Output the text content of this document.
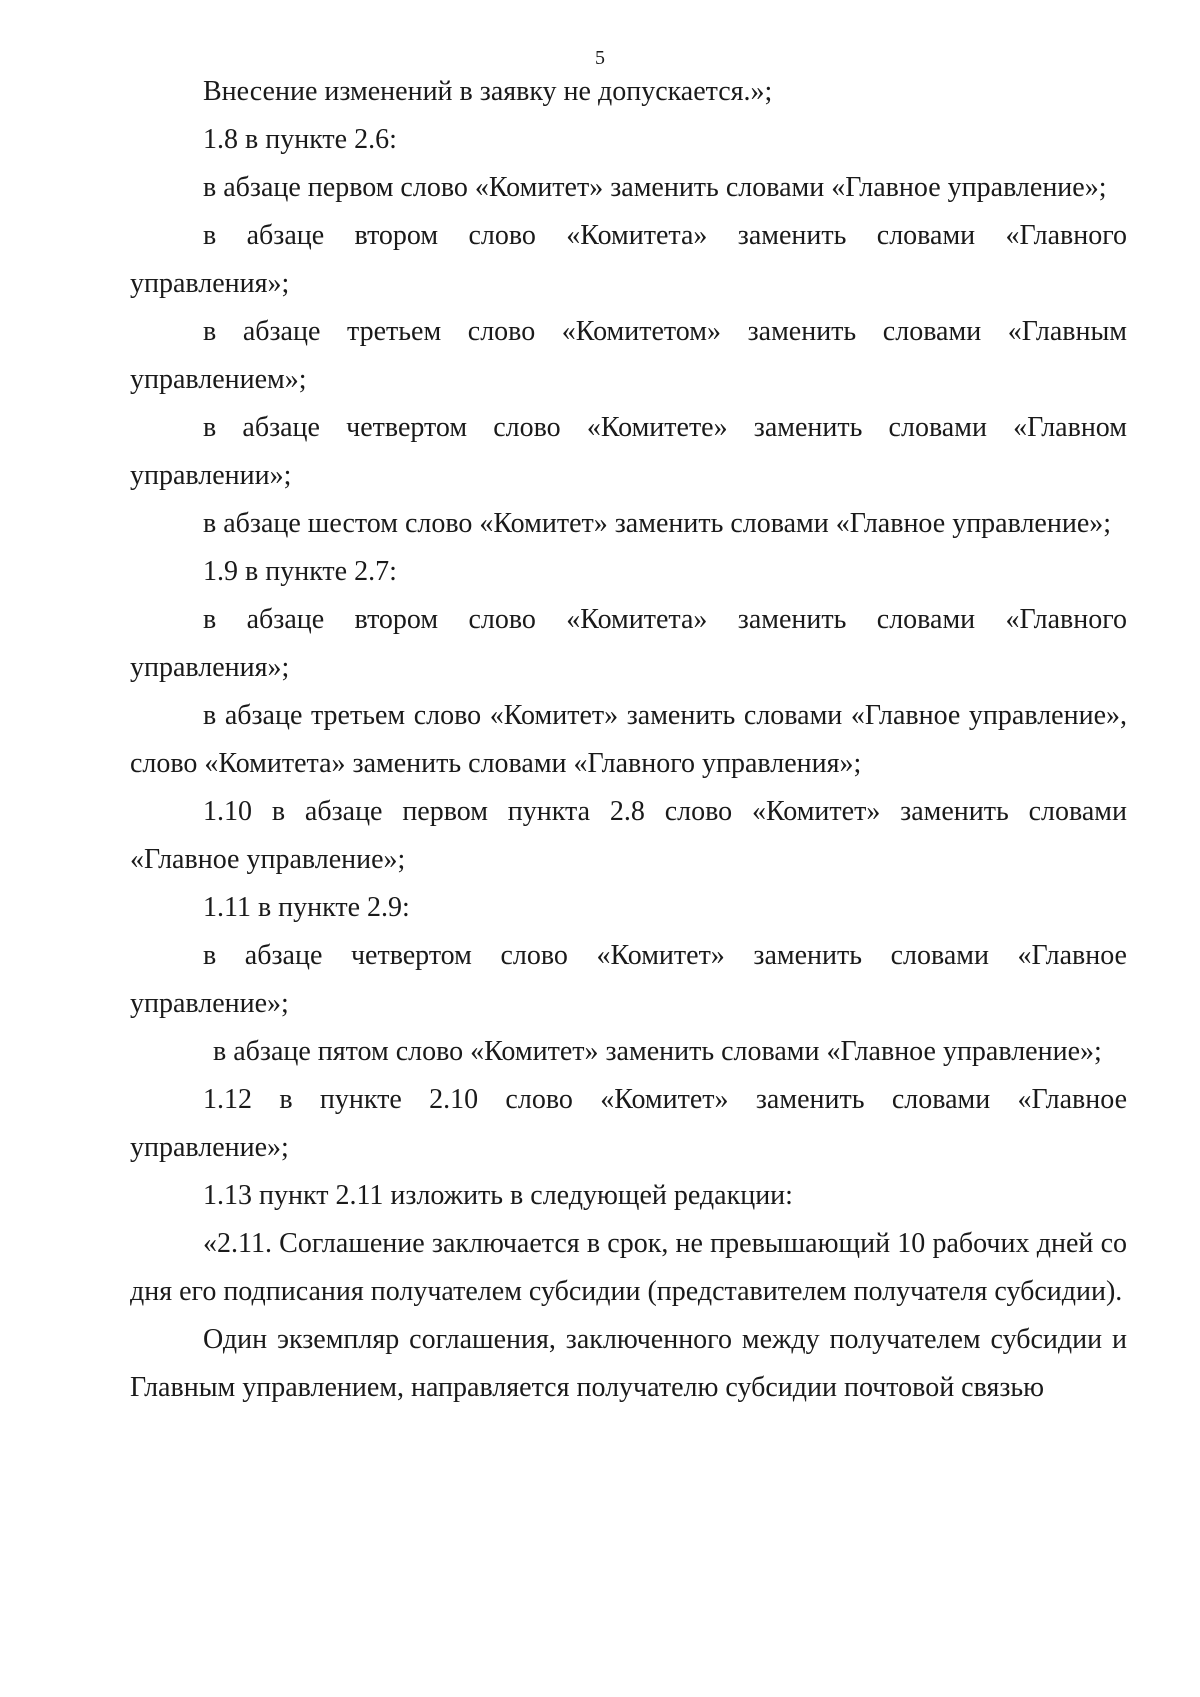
5

Внесение изменений в заявку не допускается.»;

1.8 в пункте 2.6:

в абзаце первом слово «Комитет» заменить словами «Главное управление»;

в абзаце втором слово «Комитета» заменить словами «Главного управления»;

в абзаце третьем слово «Комитетом» заменить словами «Главным управлением»;

в абзаце четвертом слово «Комитете» заменить словами «Главном управлении»;

в абзаце шестом слово «Комитет» заменить словами «Главное управление»;

1.9 в пункте 2.7:

в абзаце втором слово «Комитета» заменить словами «Главного управления»;

в абзаце третьем слово «Комитет» заменить словами «Главное управление», слово «Комитета» заменить словами «Главного управления»;

1.10 в абзаце первом пункта 2.8 слово «Комитет» заменить словами «Главное управление»;

1.11 в пункте 2.9:

в абзаце четвертом слово «Комитет» заменить словами «Главное управление»;

в абзаце пятом слово «Комитет» заменить словами «Главное управление»;

1.12 в пункте 2.10 слово «Комитет» заменить словами «Главное управление»;

1.13 пункт 2.11 изложить в следующей редакции:

«2.11. Соглашение заключается в срок, не превышающий 10 рабочих дней со дня его подписания получателем субсидии (представителем получателя субсидии).

Один экземпляр соглашения, заключенного между получателем субсидии и Главным управлением, направляется получателю субсидии почтовой связью
